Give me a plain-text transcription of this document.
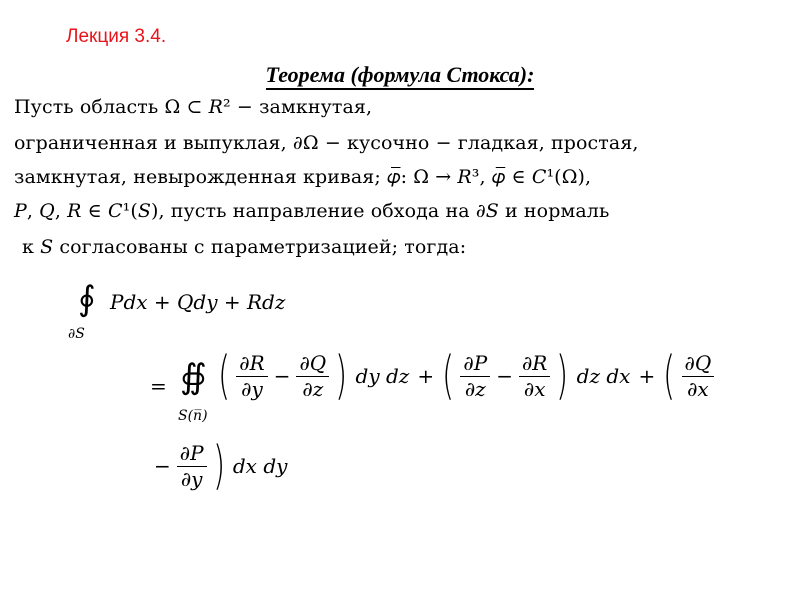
Лекция 3.4.
Теорема (формула Стокса):
Пусть область Ω ⊂ 𝑅² − замкнутая,
ограниченная и выпуклая, ∂Ω − кусочно − гладкая, простая,
замкнутая, невырожденная кривая; 𝜑̅: Ω → 𝑅³, 𝜑̅ ∈ 𝐶¹(Ω),
𝑃, 𝑄, 𝑅 ∈ 𝐶¹(𝑆), пусть направление обхода на ∂𝑆 и нормаль
к 𝑆 согласованы с параметризацией; тогда:
∮
∂S
𝑃𝑑𝑥 + 𝑄𝑑𝑦 + 𝑅𝑑𝑧
= ∯
S(n̅)
( $\frac{\partial R}{\partial y} - \frac{\partial Q}{\partial z}$ ) dy dz + ( $\frac{\partial P}{\partial z} - \frac{\partial R}{\partial x}$ ) dz dx + ( $\frac{\partial Q}{\partial x}$
− $\frac{\partial P}{\partial y}$ ) dx dy
